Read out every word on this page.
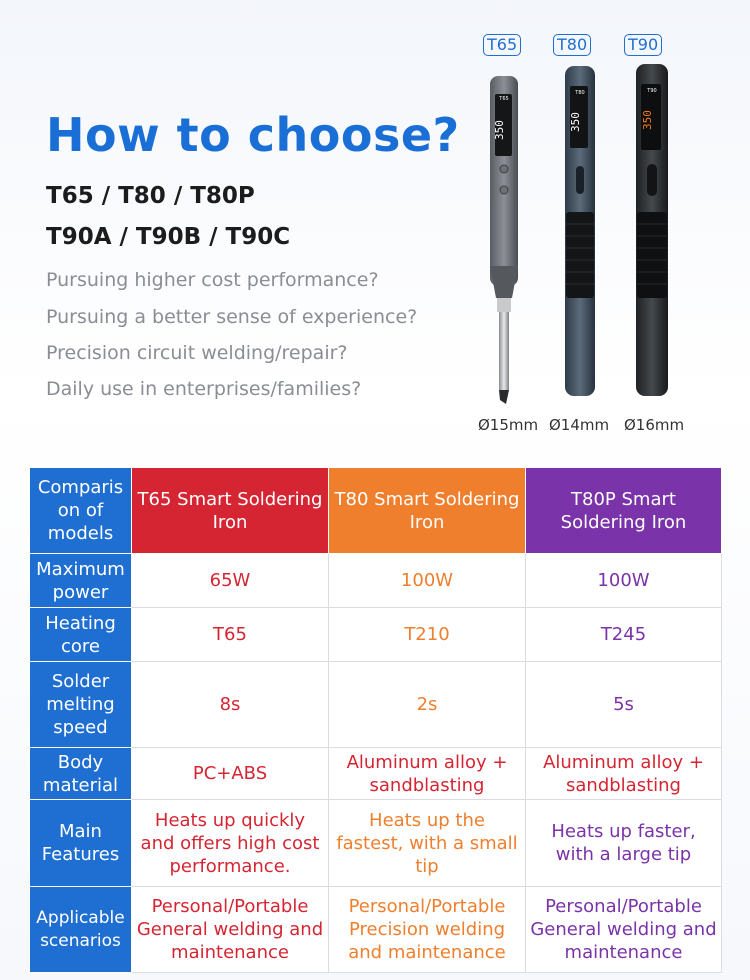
How to choose?
T65 / T80 / T80P
T90A / T90B / T90C
Pursuing higher cost performance?
Pursuing a better sense of experience?
Precision circuit welding/repair?
Daily use in enterprises/families?
T65 T80	T90
350
T65
350
T80
350
T90
Ø15mm Ø14mm Ø16mm
Comparis on of models	T65 Smart Soldering Iron	T80 Smart Soldering Iron	T80P Smart Soldering Iron
Maximum power	65W	100W	100W
Heating core	T65	T210	T245
Solder melting speed	8s	2s	5s
Body material	PC+ABS	Aluminum alloy + sandblasting	Aluminum alloy + sandblasting
Main Features	Heats up quickly and offers high cost performance.	Heats up the fastest, with a small tip	Heats up faster, with a large tip
Applicable scenarios	Personal/Portable General welding and maintenance	Personal/Portable Precision welding and maintenance	Personal/Portable General welding and maintenance
